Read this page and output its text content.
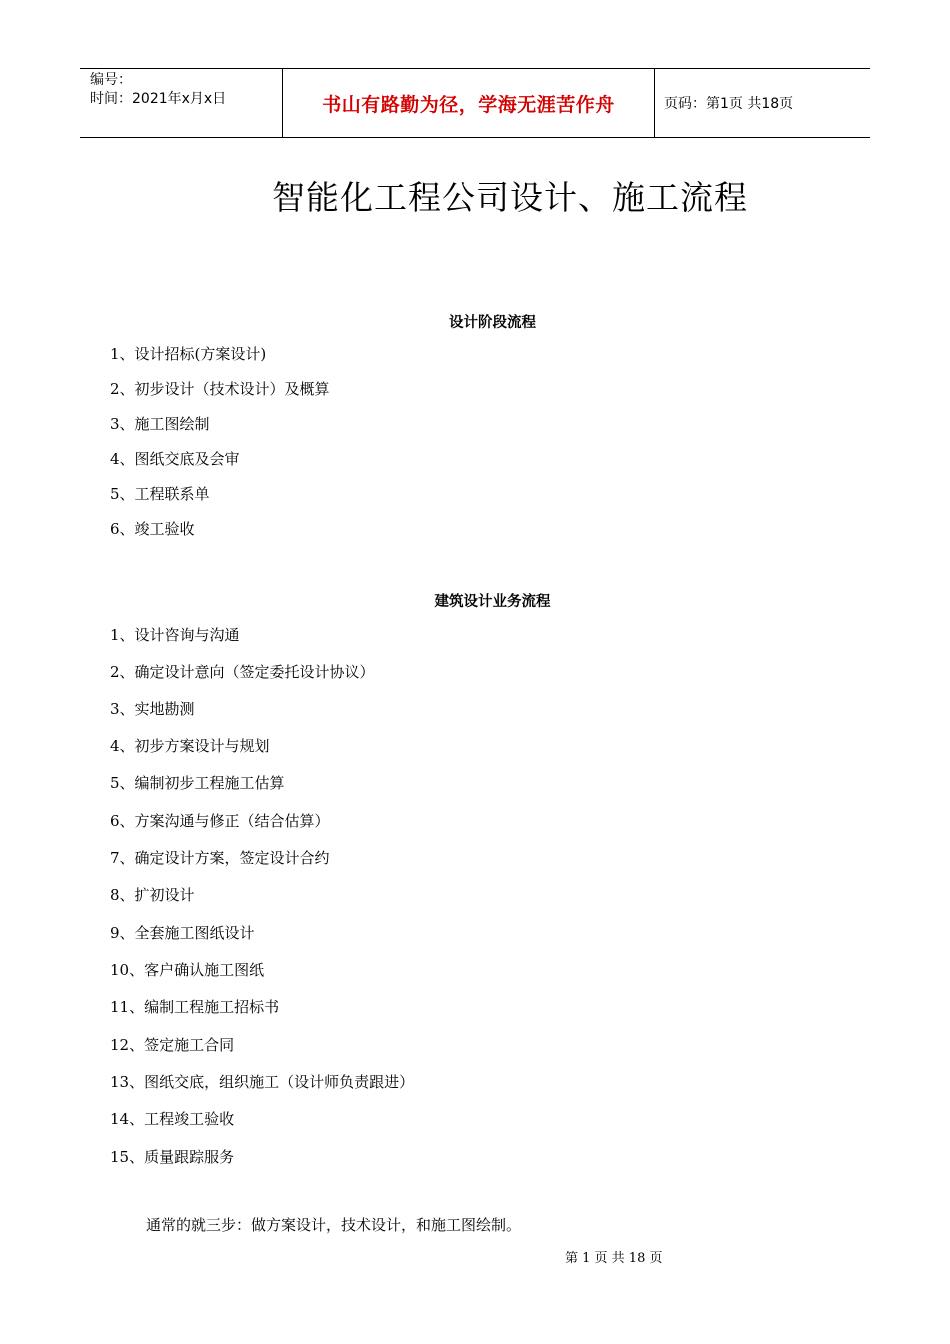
编号：
时间：2021年x月x日	书山有路勤为径，学海无涯苦作舟	页码：第1页 共18页
智能化工程公司设计、施工流程
设计阶段流程
1、设计招标(方案设计)
2、初步设计（技术设计）及概算
3、施工图绘制
4、图纸交底及会审
5、工程联系单
6、竣工验收
建筑设计业务流程
1、设计咨询与沟通
2、确定设计意向（签定委托设计协议）
3、实地勘测
4、初步方案设计与规划
5、编制初步工程施工估算
6、方案沟通与修正（结合估算）
7、确定设计方案，签定设计合约
8、扩初设计
9、全套施工图纸设计
10、客户确认施工图纸
11、编制工程施工招标书
12、签定施工合同
13、图纸交底，组织施工（设计师负责跟进）
14、工程竣工验收
15、质量跟踪服务
通常的就三步：做方案设计，技术设计，和施工图绘制。
第 1 页 共 18 页
